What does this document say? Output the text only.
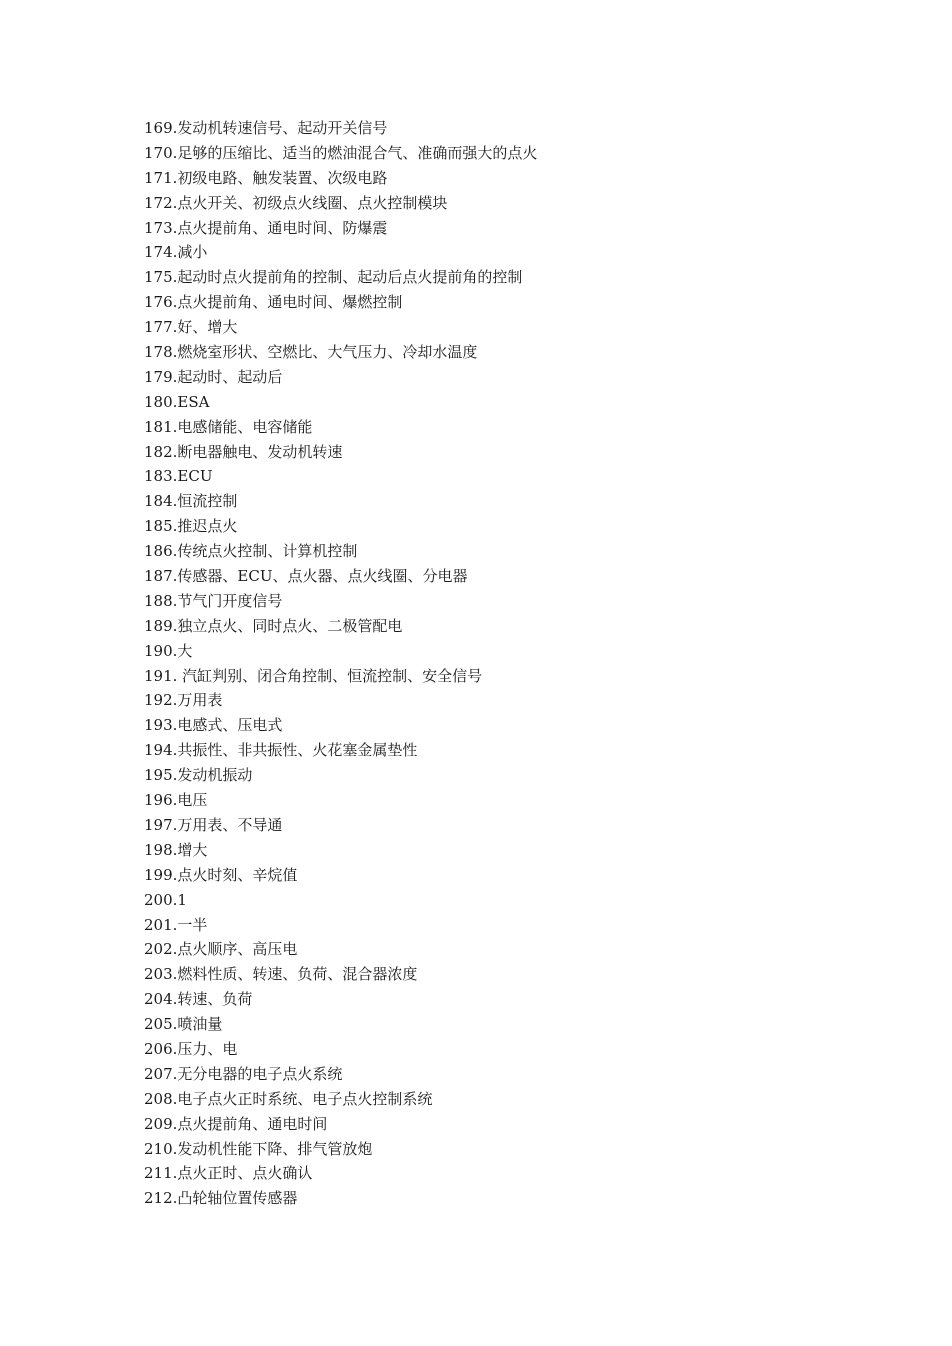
169.发动机转速信号、起动开关信号
170.足够的压缩比、适当的燃油混合气、准确而强大的点火
171.初级电路、触发装置、次级电路
172.点火开关、初级点火线圈、点火控制模块
173.点火提前角、通电时间、防爆震
174.减小
175.起动时点火提前角的控制、起动后点火提前角的控制
176.点火提前角、通电时间、爆燃控制
177.好、增大
178.燃烧室形状、空燃比、大气压力、冷却水温度
179.起动时、起动后
180.ESA
181.电感储能、电容储能
182.断电器触电、发动机转速
183.ECU
184.恒流控制
185.推迟点火
186.传统点火控制、计算机控制
187.传感器、ECU、点火器、点火线圈、分电器
188.节气门开度信号
189.独立点火、同时点火、二极管配电
190.大
191. 汽缸判别、闭合角控制、恒流控制、安全信号
192.万用表
193.电感式、压电式
194.共振性、非共振性、火花塞金属垫性
195.发动机振动
196.电压
197.万用表、不导通
198.增大
199.点火时刻、辛烷值
200.1
201.一半
202.点火顺序、高压电
203.燃料性质、转速、负荷、混合器浓度
204.转速、负荷
205.喷油量
206.压力、电
207.无分电器的电子点火系统
208.电子点火正时系统、电子点火控制系统
209.点火提前角、通电时间
210.发动机性能下降、排气管放炮
211.点火正时、点火确认
212.凸轮轴位置传感器
